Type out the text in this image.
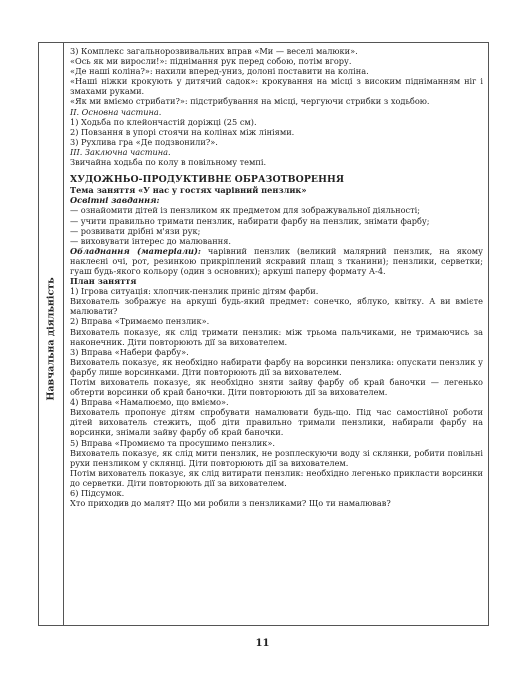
Навчальна діяльність

3) Комплекс загальнорозвивальних вправ «Ми — веселі малюки».

«Ось як ми виросли!»: піднімання рук перед собою, потім вгору.

«Де наші коліна?»: нахили вперед-униз, долоні поставити на коліна.

«Наші ніжки крокують у дитячий садок»: крокування на місці з високим підніманням ніг і змахами руками.

«Як ми вміємо стрибати?»: підстрибування на місці, чергуючи стрибки з ходьбою.

ІІ. Основна частина.

1) Ходьба по клейончастій доріжці (25 см).

2) Повзання в упорі стоячи на колінах між лініями.

3) Рухлива гра «Де подзвонили?».

ІІІ. Заключна частина.

Звичайна ходьба по колу в повільному темпі.

ХУДОЖНЬО-ПРОДУКТИВНЕ ОБРАЗОТВОРЕННЯ

Тема заняття «У нас у гостях чарівний пензлик»

Освітні завдання:

— ознайомити дітей із пензликом як предметом для зображувальної діяльності;

— учити правильно тримати пензлик, набирати фарбу на пензлик, знімати фарбу;

— розвивати дрібні м'язи рук;

— виховувати інтерес до малювання.

Обладнання (матеріали): чарівний пензлик (великий малярний пензлик, на якому наклеєні очі, рот, резинкою прикріплений яскравий плащ з тканини); пензлики, серветки; гуаш будь-якого кольору (один з основних); аркуші паперу формату А-4.

План заняття

1) Ігрова ситуація: хлопчик-пензлик приніс дітям фарби.

Вихователь зображує на аркуші будь-який предмет: сонечко, яблуко, квітку. А ви вмієте малювати?

2) Вправа «Тримаємо пензлик».

Вихователь показує, як слід тримати пензлик: між трьома пальчиками, не тримаючись за наконечник. Діти повторюють дії за вихователем.

3) Вправа «Набери фарбу».

Вихователь показує, як необхідно набирати фарбу на ворсинки пензлика: опускати пензлик у фарбу лише ворсинками. Діти повторюють дії за вихователем.

Потім вихователь показує, як необхідно зняти зайву фарбу об край баночки — легенько обтерти ворсинки об край баночки. Діти повторюють дії за вихователем.

4) Вправа «Намалюємо, що вміємо».

Вихователь пропонує дітям спробувати намалювати будь-що. Під час самостійної роботи дітей вихователь стежить, щоб діти правильно тримали пензлики, набирали фарбу на ворсинки, знімали зайву фарбу об край баночки.

5) Вправа «Промиємо та просушимо пензлик».

Вихователь показує, як слід мити пензлик, не розплескуючи воду зі склянки, робити повільні рухи пензликом у склянці. Діти повторюють дії за вихователем.

Потім вихователь показує, як слід витирати пензлик: необхідно легенько прикласти ворсинки до серветки. Діти повторюють дії за вихователем.

6) Підсумок.

Хто приходив до малят? Що ми робили з пензликами? Що ти намалював?

11
